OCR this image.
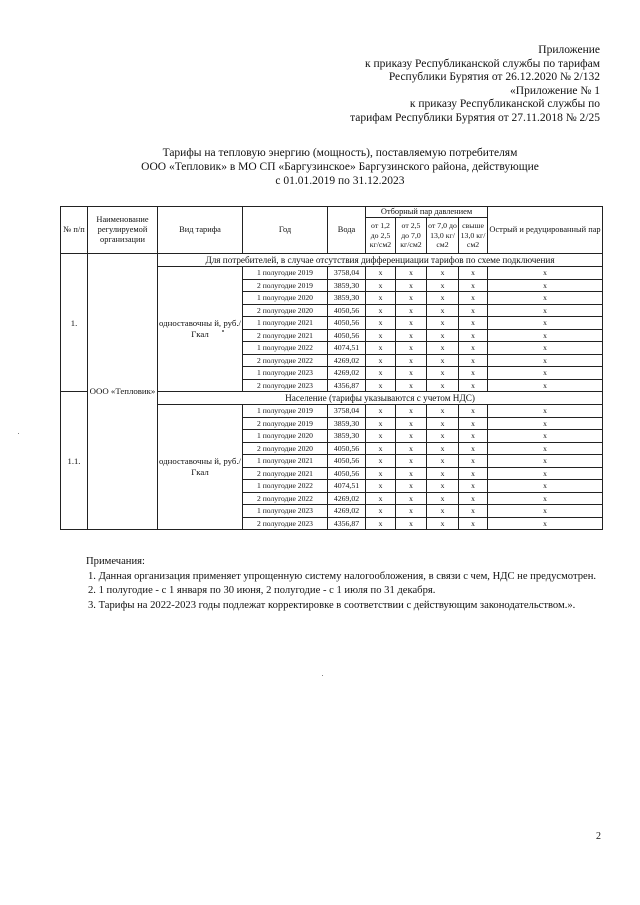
Приложение
к приказу Республиканской службы по тарифам
Республики Бурятия от 26.12.2020 № 2/132
«Приложение № 1
к приказу Республиканской службы по
тарифам Республики Бурятия от 27.11.2018 № 2/25
Тарифы на тепловую энергию (мощность), поставляемую потребителям
ООО «Тепловик» в МО СП «Баргузинское» Баргузинского района, действующие
с 01.01.2019 по 31.12.2023
№ п/п	Наименование регулируемой организации	Вид тарифа	Год	Вода	Отборный пар давлением				Острый и редуцированный пар
					от 1,2 до 2,5 кг/см2	от 2,5 до 7,0 кг/см2	от 7,0 до 13,0 кг/см2	свыше 13,0 кг/см2	
1.	ООО «Тепловик»	Для потребителей, в случае отсутствия дифференциации тарифов по схеме подключения							
		одноставочны й, руб./Гкал	1 полугодие 2019	3758,04	х	х	х	х	х
			2 полугодие 2019	3859,30	х	х	х	х	х
			1 полугодие 2020	3859,30	х	х	х	х	х
			2 полугодие 2020	4050,56	х	х	х	х	х
			1 полугодие 2021	4050,56	х	х	х	х	х
			2 полугодие 2021	4050,56	х	х	х	х	х
			1 полугодие 2022	4074,51	х	х	х	х	х
			2 полугодие 2022	4269,02	х	х	х	х	х
			1 полугодие 2023	4269,02	х	х	х	х	х
			2 полугодие 2023	4356,87	х	х	х	х	х
1.1.		Население (тарифы указываются с учетом НДС)							
		одноставочны й, руб./Гкал	1 полугодие 2019	3758,04	х	х	х	х	х
			2 полугодие 2019	3859,30	х	х	х	х	х
			1 полугодие 2020	3859,30	х	х	х	х	х
			2 полугодие 2020	4050,56	х	х	х	х	х
			1 полугодие 2021	4050,56	х	х	х	х	х
			2 полугодие 2021	4050,56	х	х	х	х	х
			1 полугодие 2022	4074,51	х	х	х	х	х
			2 полугодие 2022	4269,02	х	х	х	х	х
			1 полугодие 2023	4269,02	х	х	х	х	х
			2 полугодие 2023	4356,87	х	х	х	х	х

Примечания:

1. Данная организация применяет упрощенную систему налогообложения, в связи с чем, НДС не предусмотрен.

2. 1 полугодие - с 1 января по 30 июня, 2 полугодие - с 1 июля по 31 декабря.

3. Тарифы на 2022-2023 годы подлежат корректировке в соответствии с действующим законодательством.».

2
